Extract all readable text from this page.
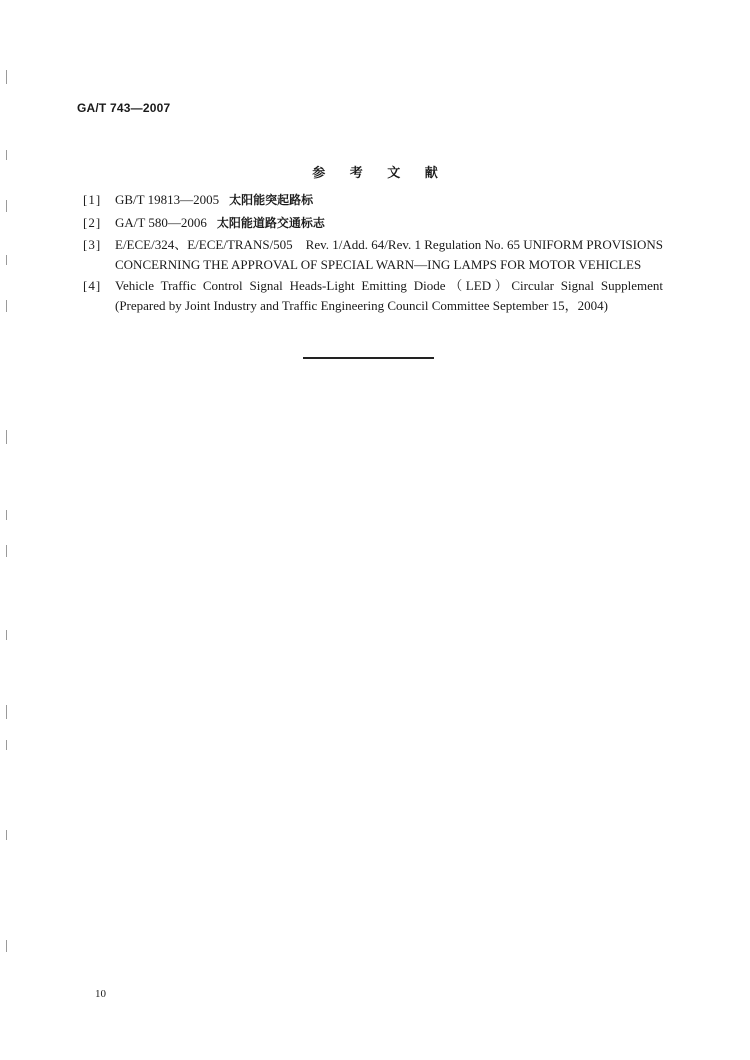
GA/T 743—2007
参 考 文 献
[1] GB/T 19813—2005 太阳能突起路标
[2] GA/T 580—2006 太阳能道路交通标志
[3] E/ECE/324、E/ECE/TRANS/505　Rev. 1/Add. 64/Rev. 1 Regulation No. 65 UNIFORM PROVISIONS CONCERNING THE APPROVAL OF SPECIAL WARN—ING LAMPS FOR MOTOR VEHICLES
[4] Vehicle Traffic Control Signal Heads-Light Emitting Diode（LED）Circular Signal Supplement (Prepared by Joint Industry and Traffic Engineering Council Committee September 15，2004)
10
